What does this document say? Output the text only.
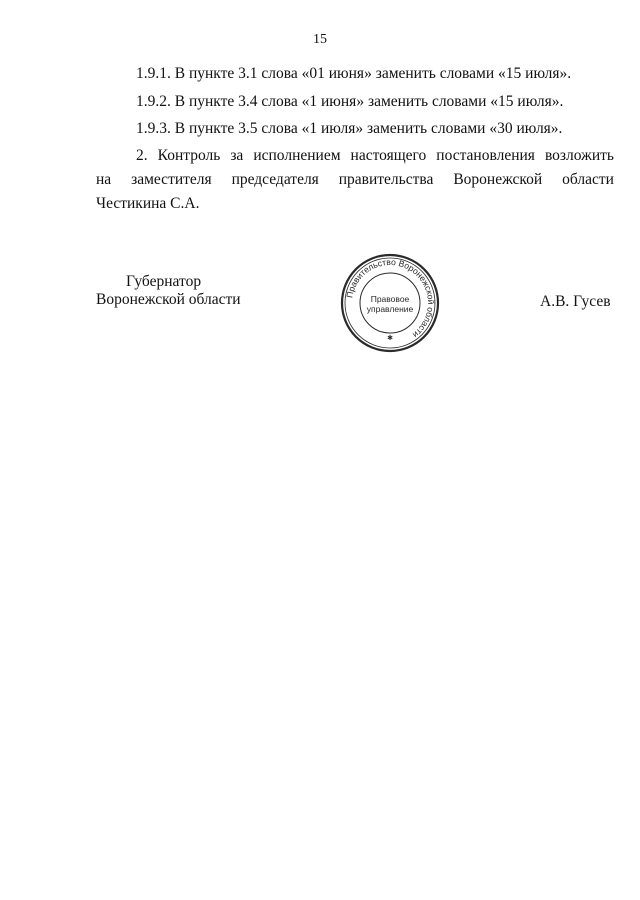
15
1.9.1. В пункте 3.1 слова «01 июня» заменить словами «15 июля».
1.9.2. В пункте 3.4 слова «1 июня» заменить словами «15 июля».
1.9.3. В пункте 3.5 слова «1 июля» заменить словами «30 июля».
2. Контроль за исполнением настоящего постановления возложить
на заместителя председателя правительства Воронежской области
Честикина С.А.
Губернатор
Воронежской области	А.В. Гусев
Правительство Воронежской области
Правовое
управление
✱
